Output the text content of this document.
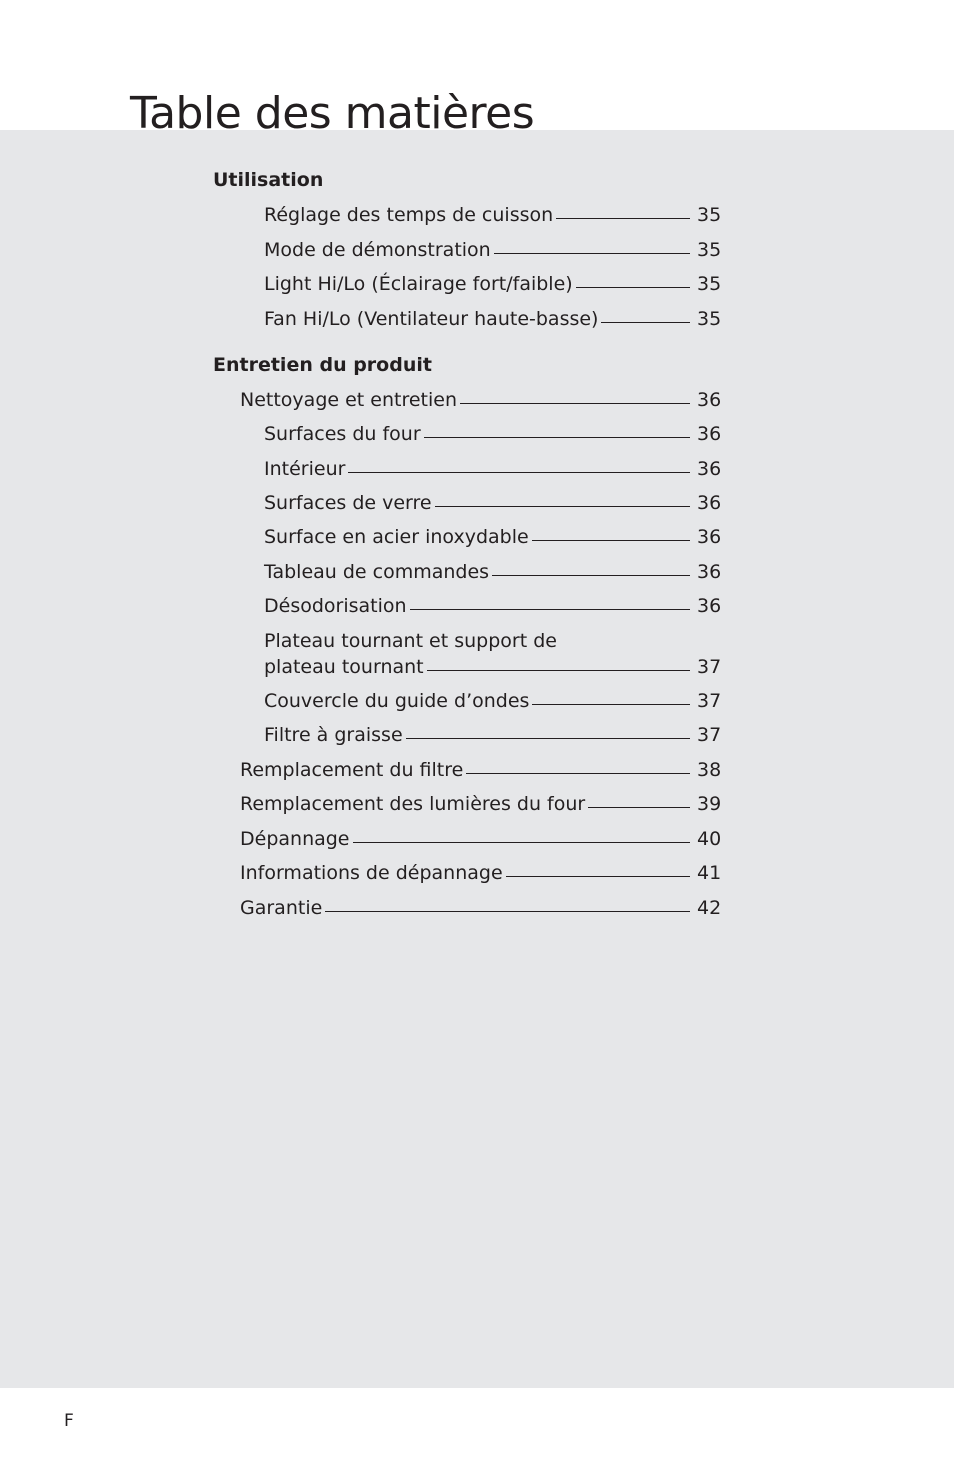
Table des matières
Utilisation
Réglage des temps de cuisson	35
Mode de démonstration	35
Light Hi/Lo (Éclairage fort/faible)	35
Fan Hi/Lo (Ventilateur haute-basse)	35
Entretien du produit
Nettoyage et entretien	36
Surfaces du four	36
Intérieur	36
Surfaces de verre	36
Surface en acier inoxydable	36
Tableau de commandes	36
Désodorisation	36
Plateau tournant et support de
plateau tournant	37
Couvercle du guide d’ondes	37
Filtre à graisse	37
Remplacement du filtre	38
Remplacement des lumières du four	39
Dépannage	40
Informations de dépannage	41
Garantie	42
F
